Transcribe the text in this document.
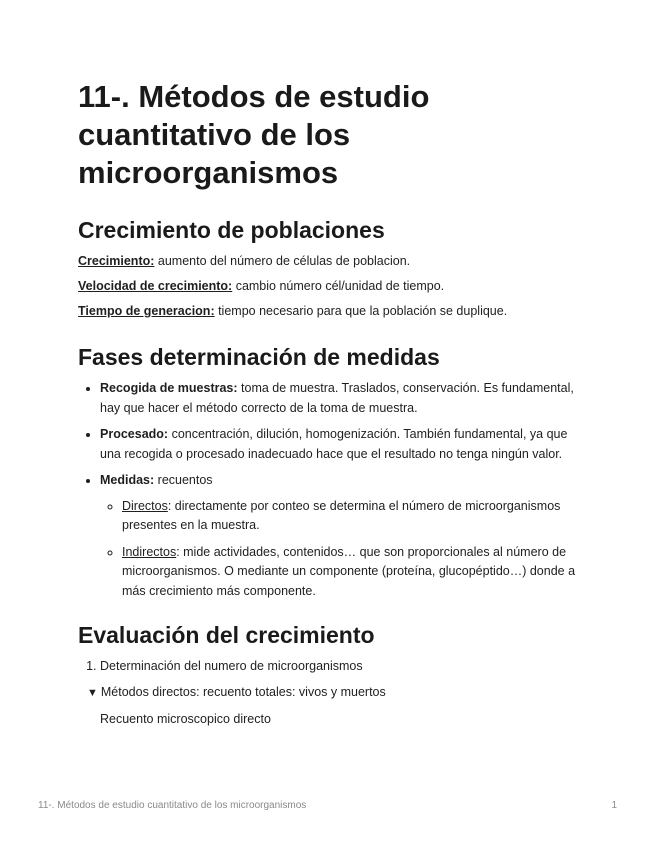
11-. Métodos de estudio cuantitativo de los microorganismos
Crecimiento de poblaciones

Crecimiento: aumento del número de células de poblacion.

Velocidad de crecimiento: cambio número cél/unidad de tiempo.

Tiempo de generacion: tiempo necesario para que la población se duplique.

Fases determinación de medidas
• Recogida de muestras: toma de muestra. Traslados, conservación. Es fundamental, hay que hacer el método correcto de la toma de muestra.
• Procesado: concentración, dilución, homogenización. También fundamental, ya que una recogida o procesado inadecuado hace que el resultado no tenga ningún valor.
• Medidas: recuentos
◦ Directos: directamente por conteo se determina el número de microorganismos presentes en la muestra.
◦ Indirectos: mide actividades, contenidos… que son proporcionales al número de microorganismos. O mediante un componente (proteína, glucopéptido…) donde a más crecimiento más componente.
Evaluación del crecimiento
1. Determinación del numero de microorganismos
▼ Métodos directos: recuento totales: vivos y muertos
Recuento microscopico directo
11-. Métodos de estudio cuantitativo de los microorganismos	1
